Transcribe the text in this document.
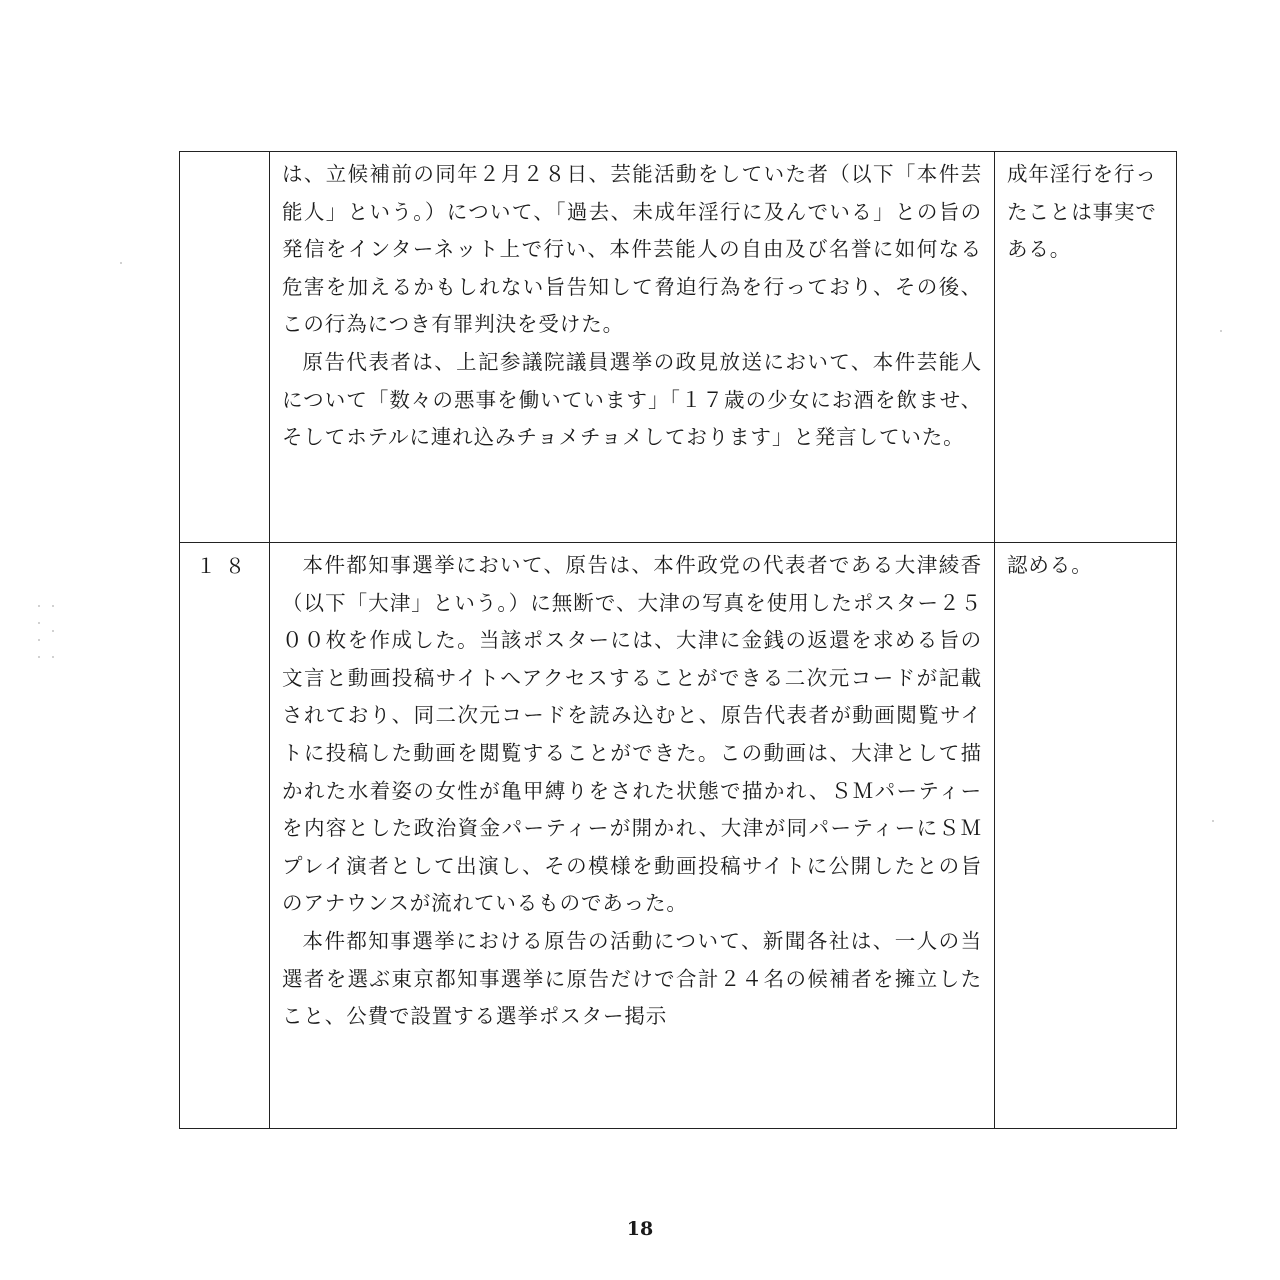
は、立候補前の同年２月２８日、芸能活動をしていた者（以下「本件芸能人」という。）について、「過去、未成年淫行に及んでいる」との旨の発信をインターネット上で行い、本件芸能人の自由及び名誉に如何なる危害を加えるかもしれない旨告知して脅迫行為を行っており、その後、この行為につき有罪判決を受けた。

原告代表者は、上記参議院議員選挙の政見放送において、本件芸能人について「数々の悪事を働いています」「１７歳の少女にお酒を飲ませ、そしてホテルに連れ込みチョメチョメしております」と発言していた。

成年淫行を行ったことは事実である。
１８	本件都知事選挙において、原告は、本件政党の代表者である大津綾香（以下「大津」という。）に無断で、大津の写真を使用したポスター２５００枚を作成した。当該ポスターには、大津に金銭の返還を求める旨の文言と動画投稿サイトへアクセスすることができる二次元コードが記載されており、同二次元コードを読み込むと、原告代表者が動画閲覧サイトに投稿した動画を閲覧することができた。この動画は、大津として描かれた水着姿の女性が亀甲縛りをされた状態で描かれ、ＳＭパーティーを内容とした政治資金パーティーが開かれ、大津が同パーティーにＳＭプレイ演者として出演し、その模様を動画投稿サイトに公開したとの旨のアナウンスが流れているものであった。

本件都知事選挙における原告の活動について、新聞各社は、一人の当選者を選ぶ東京都知事選挙に原告だけで合計２４名の候補者を擁立したこと、公費で設置する選挙ポスター掲示

認める。
18
